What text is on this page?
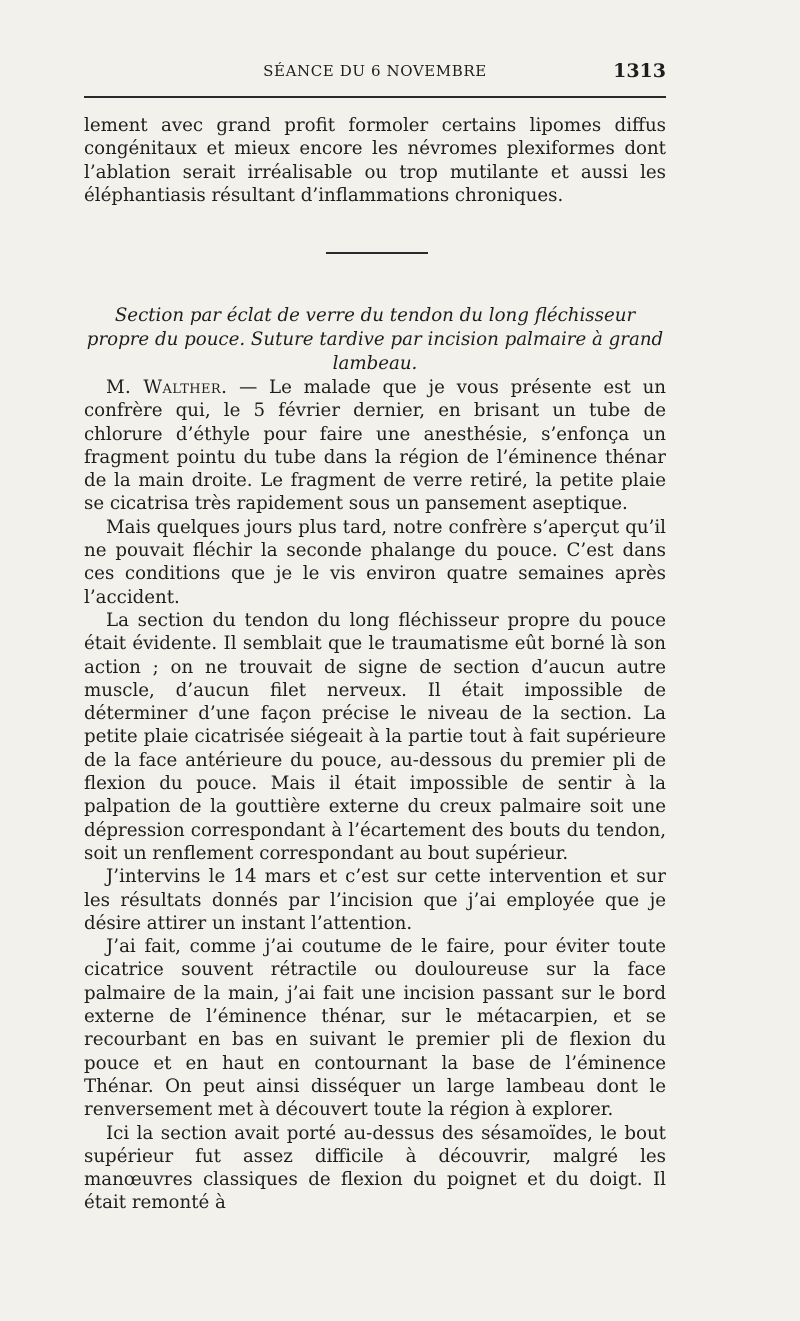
SÉANCE DU 6 NOVEMBRE	1313

lement avec grand profit formoler certains lipomes diffus congénitaux et mieux encore les névromes plexiformes dont l’ablation serait irréalisable ou trop mutilante et aussi les éléphantiasis résultant d’inflammations chroniques.

Section par éclat de verre du tendon du long fléchisseur propre du pouce. Suture tardive par incision palmaire à grand lambeau.

M. Walther. — Le malade que je vous présente est un confrère qui, le 5 février dernier, en brisant un tube de chlorure d’éthyle pour faire une anesthésie, s’enfonça un fragment pointu du tube dans la région de l’éminence thénar de la main droite. Le fragment de verre retiré, la petite plaie se cicatrisa très rapidement sous un pansement aseptique.

Mais quelques jours plus tard, notre confrère s’aperçut qu’il ne pouvait fléchir la seconde phalange du pouce. C’est dans ces conditions que je le vis environ quatre semaines après l’accident.

La section du tendon du long fléchisseur propre du pouce était évidente. Il semblait que le traumatisme eût borné là son action ; on ne trouvait de signe de section d’aucun autre muscle, d’aucun filet nerveux. Il était impossible de déterminer d’une façon précise le niveau de la section. La petite plaie cicatrisée siégeait à la partie tout à fait supérieure de la face antérieure du pouce, au-dessous du premier pli de flexion du pouce. Mais il était impossible de sentir à la palpation de la gouttière externe du creux palmaire soit une dépression correspondant à l’écartement des bouts du tendon, soit un renflement correspondant au bout supérieur.

J’intervins le 14 mars et c’est sur cette intervention et sur les résultats donnés par l’incision que j’ai employée que je désire attirer un instant l’attention.

J’ai fait, comme j’ai coutume de le faire, pour éviter toute cicatrice souvent rétractile ou douloureuse sur la face palmaire de la main, j’ai fait une incision passant sur le bord externe de l’éminence thénar, sur le métacarpien, et se recourbant en bas en suivant le premier pli de flexion du pouce et en haut en contournant la base de l’éminence Thénar. On peut ainsi disséquer un large lambeau dont le renversement met à découvert toute la région à explorer.

Ici la section avait porté au-dessus des sésamoïdes, le bout supérieur fut assez difficile à découvrir, malgré les manœuvres classiques de flexion du poignet et du doigt. Il était remonté à
